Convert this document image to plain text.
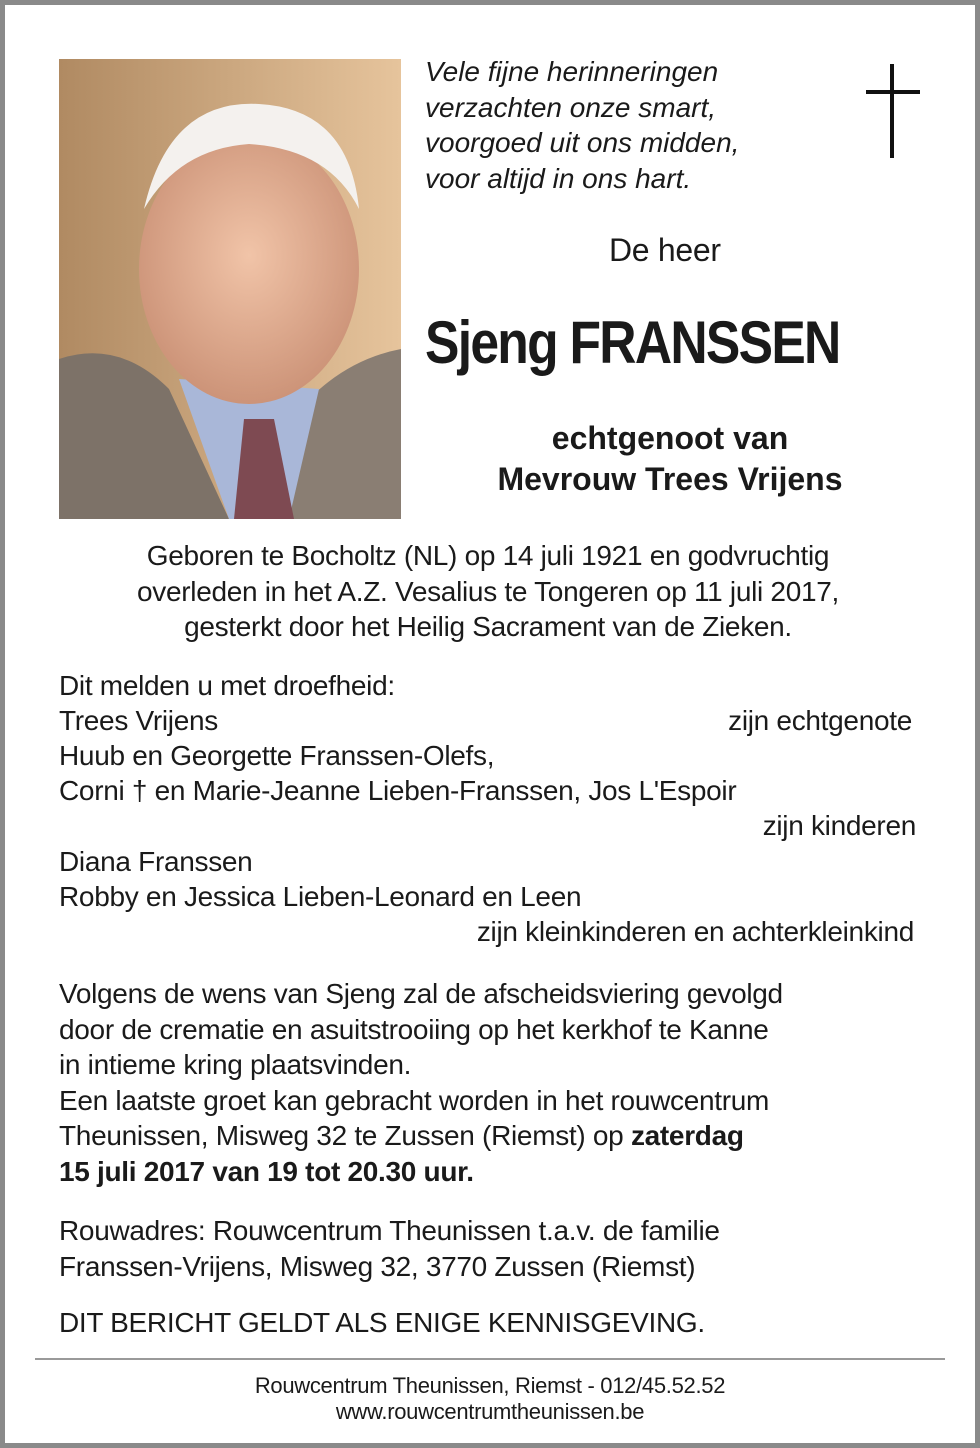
Vele fijne herinneringen
verzachten onze smart,
voorgoed uit ons midden,
voor altijd in ons hart.
De heer
Sjeng FRANSSEN
echtgenoot van
Mevrouw Trees Vrijens
Geboren te Bocholtz (NL) op 14 juli 1921 en godvruchtig
overleden in het A.Z. Vesalius te Tongeren op 11 juli 2017,
gesterkt door het Heilig Sacrament van de Zieken.
Dit melden u met droefheid:
Trees Vrijens	zijn echtgenote
Huub en Georgette Franssen-Olefs,
Corni † en Marie-Jeanne Lieben-Franssen, Jos L'Espoir
zijn kinderen
Diana Franssen
Robby en Jessica Lieben-Leonard en Leen
zijn kleinkinderen en achterkleinkind
Volgens de wens van Sjeng zal de afscheidsviering gevolgd
door de crematie en asuitstrooiing op het kerkhof te Kanne
in intieme kring plaatsvinden.
Een laatste groet kan gebracht worden in het rouwcentrum
Theunissen, Misweg 32 te Zussen (Riemst) op zaterdag
15 juli 2017 van 19 tot 20.30 uur.
Rouwadres: Rouwcentrum Theunissen t.a.v. de familie
Franssen-Vrijens, Misweg 32, 3770 Zussen (Riemst)
DIT BERICHT GELDT ALS ENIGE KENNISGEVING.
Rouwcentrum Theunissen, Riemst - 012/45.52.52
www.rouwcentrumtheunissen.be
